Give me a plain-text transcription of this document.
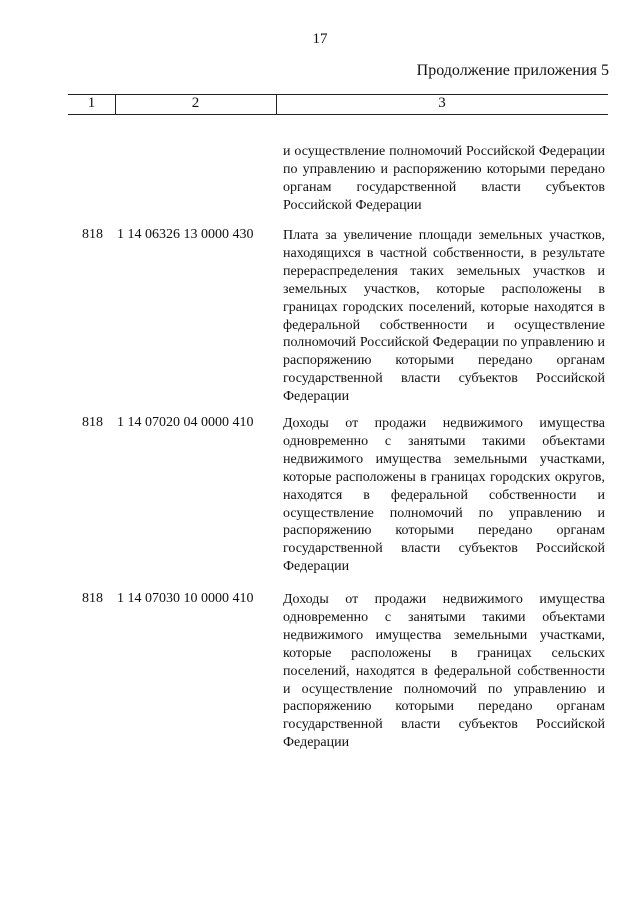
17
Продолжение приложения 5
1	2	3
и осуществление полномочий Российской Федерации по управлению и распоряжению которыми передано органам государственной власти субъектов Российской Федерации
818 1 14 06326 13 0000 430 Плата за увеличение площади земельных участков, находящихся в частной собственности, в результате перераспределения таких земельных участков и земельных участков, которые расположены в границах городских поселений, которые находятся в федеральной собственности и осуществление полномочий Российской Федерации по управлению и распоряжению которыми передано органам государственной власти субъектов Российской Федерации
818 1 14 07020 04 0000 410 Доходы от продажи недвижимого имущества одновременно с занятыми такими объектами недвижимого имущества земельными участками, которые расположены в границах городских округов, находятся в федеральной собственности и осуществление полномочий по управлению и распоряжению которыми передано органам государственной власти субъектов Российской Федерации
818 1 14 07030 10 0000 410 Доходы от продажи недвижимого имущества одновременно с занятыми такими объектами недвижимого имущества земельными участками, которые расположены в границах сельских поселений, находятся в федеральной собственности и осуществление полномочий по управлению и распоряжению которыми передано органам государственной власти субъектов Российской Федерации
